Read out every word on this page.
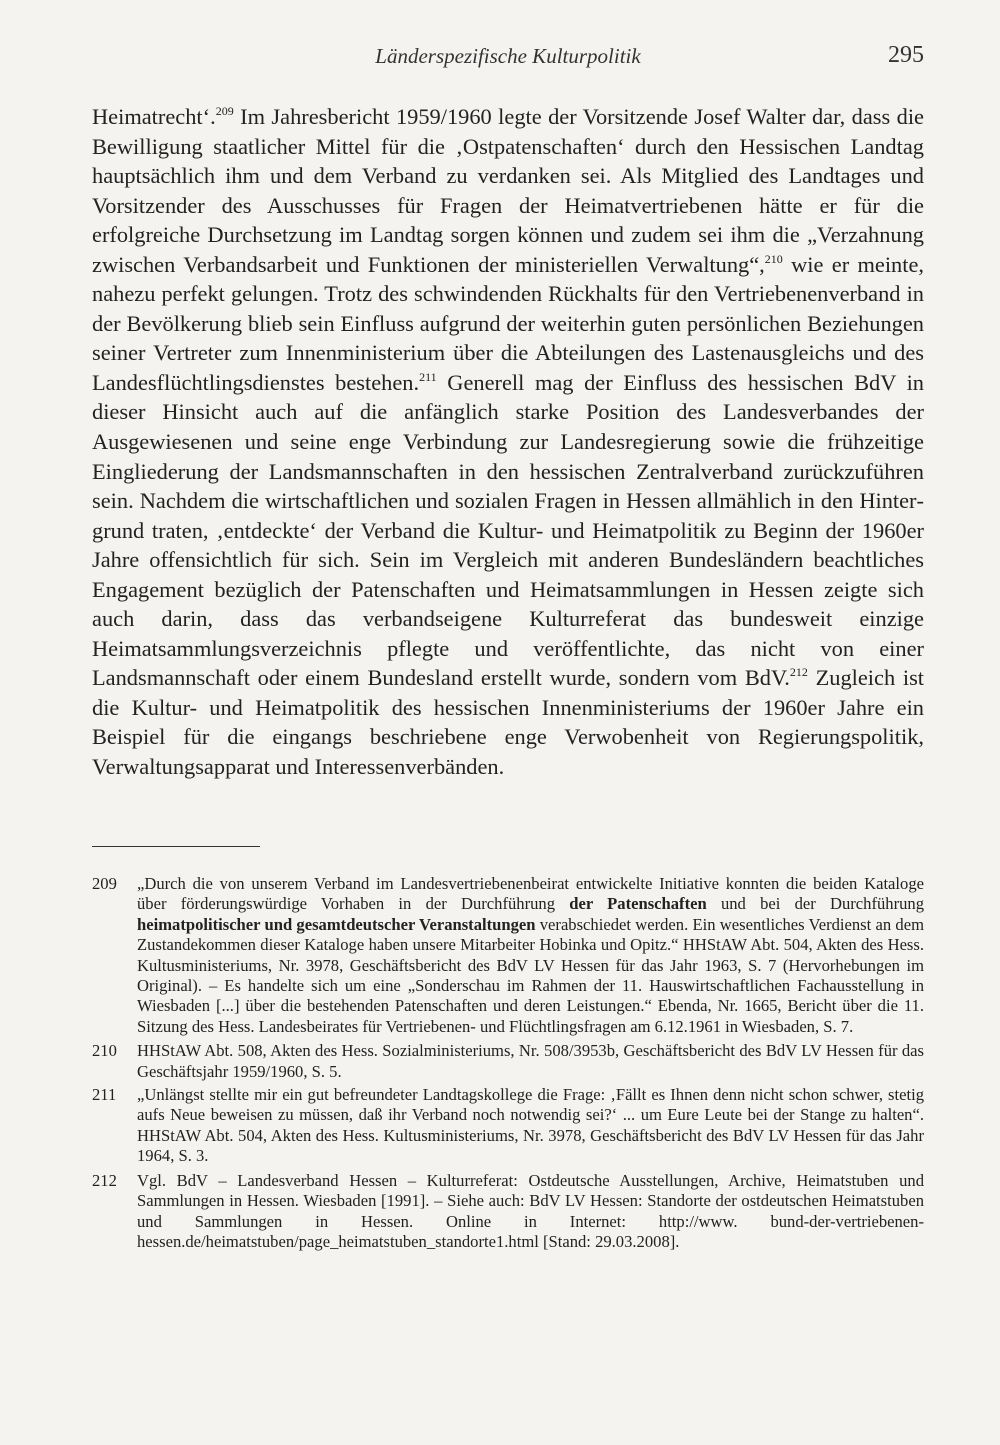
Länderspezifische Kulturpolitik	295

Heimatrecht‘.$^{209}$ Im Jahresbericht 1959/1960 legte der Vorsitzende Josef Walter dar, dass die Bewilligung staatlicher Mittel für die ‚Ostpatenschaften‘ durch den Hessischen Landtag hauptsächlich ihm und dem Verband zu verdanken sei. Als Mitglied des Landtages und Vorsitzender des Ausschusses für Fragen der Heimatvertriebenen hätte er für die erfolgreiche Durchsetzung im Landtag sorgen können und zudem sei ihm die „Verzahnung zwischen Verbandsarbeit und Funktionen der ministeriellen Verwaltung“,$^{210}$ wie er meinte, nahezu perfekt gelungen. Trotz des schwindenden Rückhalts für den Vertriebenenverband in der Bevölkerung blieb sein Einfluss aufgrund der weiterhin guten persönlichen Beziehungen seiner Vertreter zum Innenministerium über die Abteilungen des Lastenausgleichs und des Landesflüchtlingsdienstes bestehen.$^{211}$ Generell mag der Einfluss des hessischen BdV in dieser Hinsicht auch auf die anfänglich starke Position des Landesverbandes der Ausgewiesenen und seine enge Verbindung zur Landesregierung sowie die frühzeitige Eingliederung der Landsmannschaften in den hessischen Zentralverband zurückzuführen sein. Nachdem die wirtschaftlichen und sozialen Fragen in Hessen allmählich in den Hintergrund traten, ‚entdeckte‘ der Verband die Kultur- und Heimatpolitik zu Beginn der 1960er Jahre offensichtlich für sich. Sein im Vergleich mit anderen Bundesländern beachtliches Engagement bezüglich der Patenschaften und Heimatsammlungen in Hessen zeigte sich auch darin, dass das verbandseigene Kulturreferat das bundesweit einzige Heimatsammlungsverzeichnis pflegte und veröffentlichte, das nicht von einer Landsmannschaft oder einem Bundesland erstellt wurde, sondern vom BdV.$^{212}$ Zugleich ist die Kultur- und Heimatpolitik des hessischen Innenministeriums der 1960er Jahre ein Beispiel für die eingangs beschriebene enge Verwobenheit von Regierungspolitik, Verwaltungsapparat und Interessenverbänden.

209 „Durch die von unserem Verband im Landesvertriebenenbeirat entwickelte Initiative konnten die beiden Kataloge über förderungswürdige Vorhaben in der Durchführung der Patenschaften und bei der Durchführung heimatpolitischer und gesamtdeutscher Veranstaltungen verabschiedet werden. Ein wesentliches Verdienst an dem Zustandekommen dieser Kataloge haben unsere Mitarbeiter Hobinka und Opitz.“ HHStAW Abt. 504, Akten des Hess. Kultusministeriums, Nr. 3978, Geschäftsbericht des BdV LV Hessen für das Jahr 1963, S. 7 (Hervorhebungen im Original). – Es handelte sich um eine „Sonderschau im Rahmen der 11. Hauswirtschaftlichen Fachausstellung in Wiesbaden [...] über die bestehenden Patenschaften und deren Leistungen.“ Ebenda, Nr. 1665, Bericht über die 11. Sitzung des Hess. Landesbeirates für Vertriebenen- und Flüchtlingsfragen am 6.12.1961 in Wiesbaden, S. 7.
210 HHStAW Abt. 508, Akten des Hess. Sozialministeriums, Nr. 508/3953b, Geschäftsbericht des BdV LV Hessen für das Geschäftsjahr 1959/1960, S. 5.
211 „Unlängst stellte mir ein gut befreundeter Landtagskollege die Frage: ‚Fällt es Ihnen denn nicht schon schwer, stetig aufs Neue beweisen zu müssen, daß ihr Verband noch notwendig sei?‘ ... um Eure Leute bei der Stange zu halten“. HHStAW Abt. 504, Akten des Hess. Kultusministeriums, Nr. 3978, Geschäftsbericht des BdV LV Hessen für das Jahr 1964, S. 3.
212 Vgl. BdV – Landesverband Hessen – Kulturreferat: Ostdeutsche Ausstellungen, Archive, Heimatstuben und Sammlungen in Hessen. Wiesbaden [1991]. – Siehe auch: BdV LV Hessen: Standorte der ostdeutschen Heimatstuben und Sammlungen in Hessen. Online in Internet: http://www. bund-der-vertriebenen-hessen.de/heimatstuben/page_heimatstuben_standorte1.html [Stand: 29.03.2008].
